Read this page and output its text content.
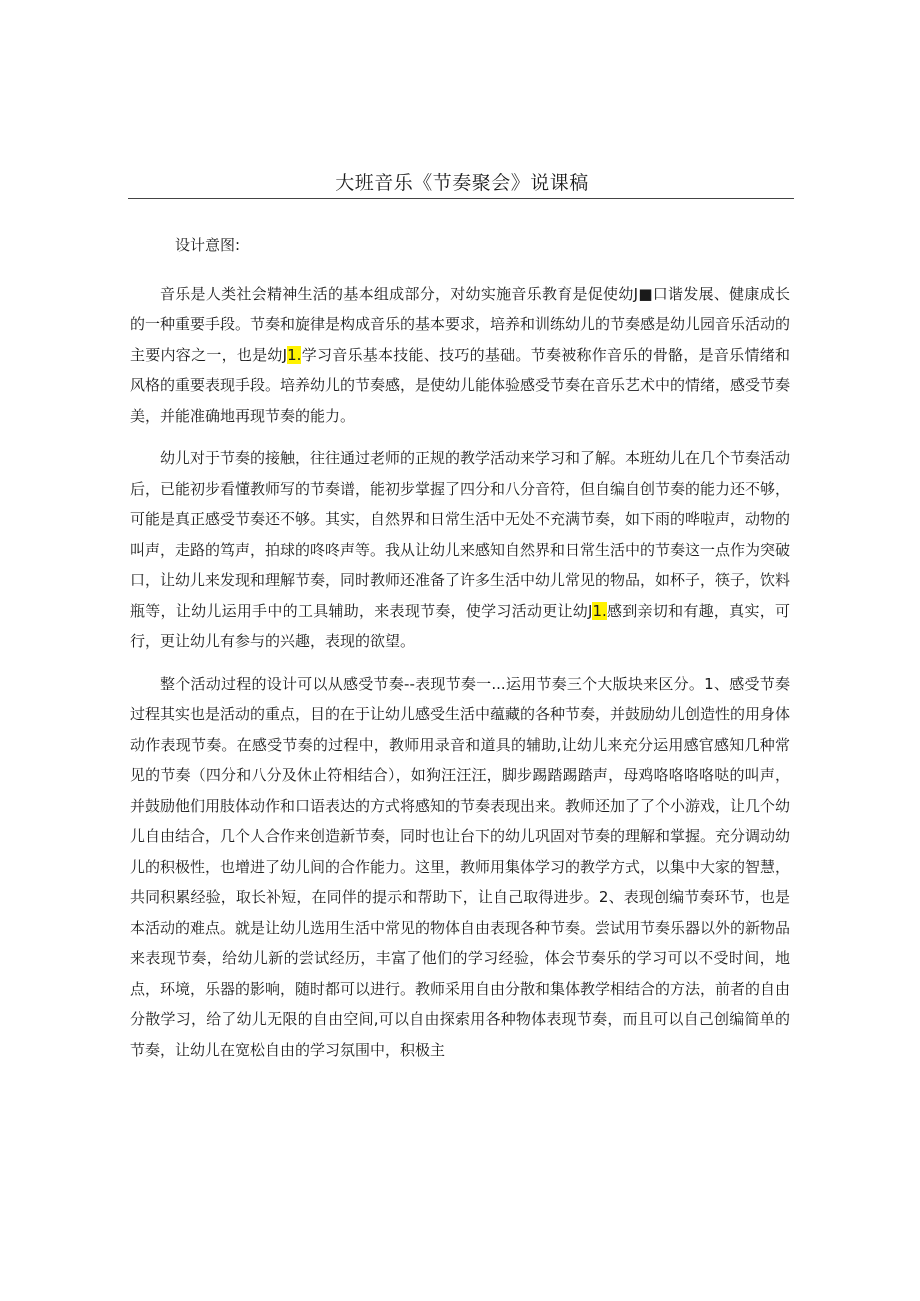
大班音乐《节奏聚会》说课稿

设计意图:

音乐是人类社会精神生活的基本组成部分，对幼实施音乐教育是促使幼J■口谐发展、健康成长的一种重要手段。节奏和旋律是构成音乐的基本要求，培养和训练幼儿的节奏感是幼儿园音乐活动的主要内容之一，也是幼J1.学习音乐基本技能、技巧的基础。节奏被称作音乐的骨骼，是音乐情绪和风格的重要表现手段。培养幼儿的节奏感，是使幼儿能体验感受节奏在音乐艺术中的情绪，感受节奏美，并能准确地再现节奏的能力。

幼儿对于节奏的接触，往往通过老师的正规的教学活动来学习和了解。本班幼儿在几个节奏活动后，已能初步看懂教师写的节奏谱，能初步掌握了四分和八分音符，但自编自创节奏的能力还不够，可能是真正感受节奏还不够。其实，自然界和日常生活中无处不充满节奏，如下雨的哗啦声，动物的叫声，走路的笃声，拍球的咚咚声等。我从让幼儿来感知自然界和日常生活中的节奏这一点作为突破口，让幼儿来发现和理解节奏，同时教师还准备了许多生活中幼儿常见的物品，如杯子，筷子，饮料瓶等，让幼儿运用手中的工具辅助，来表现节奏，使学习活动更让幼J1.感到亲切和有趣，真实，可行，更让幼儿有参与的兴趣，表现的欲望。

整个活动过程的设计可以从感受节奏--表现节奏一...运用节奏三个大版块来区分。1、感受节奏过程其实也是活动的重点，目的在于让幼儿感受生活中蕴藏的各种节奏，并鼓励幼儿创造性的用身体动作表现节奏。在感受节奏的过程中，教师用录音和道具的辅助,让幼儿来充分运用感官感知几种常见的节奏（四分和八分及休止符相结合），如狗汪汪汪，脚步踢踏踢踏声，母鸡咯咯咯咯哒的叫声，并鼓励他们用肢体动作和口语表达的方式将感知的节奏表现出来。教师还加了了个小游戏，让几个幼儿自由结合，几个人合作来创造新节奏，同时也让台下的幼儿巩固对节奏的理解和掌握。充分调动幼儿的积极性，也增进了幼儿间的合作能力。这里，教师用集体学习的教学方式，以集中大家的智慧，共同积累经验，取长补短，在同伴的提示和帮助下，让自己取得进步。2、表现创编节奏环节，也是本活动的难点。就是让幼儿选用生活中常见的物体自由表现各种节奏。尝试用节奏乐器以外的新物品来表现节奏，给幼儿新的尝试经历，丰富了他们的学习经验，体会节奏乐的学习可以不受时间，地点，环境，乐器的影响，随时都可以进行。教师采用自由分散和集体教学相结合的方法，前者的自由分散学习，给了幼儿无限的自由空间,可以自由探索用各种物体表现节奏，而且可以自己创编简单的节奏，让幼儿在宽松自由的学习氛围中，积极主
